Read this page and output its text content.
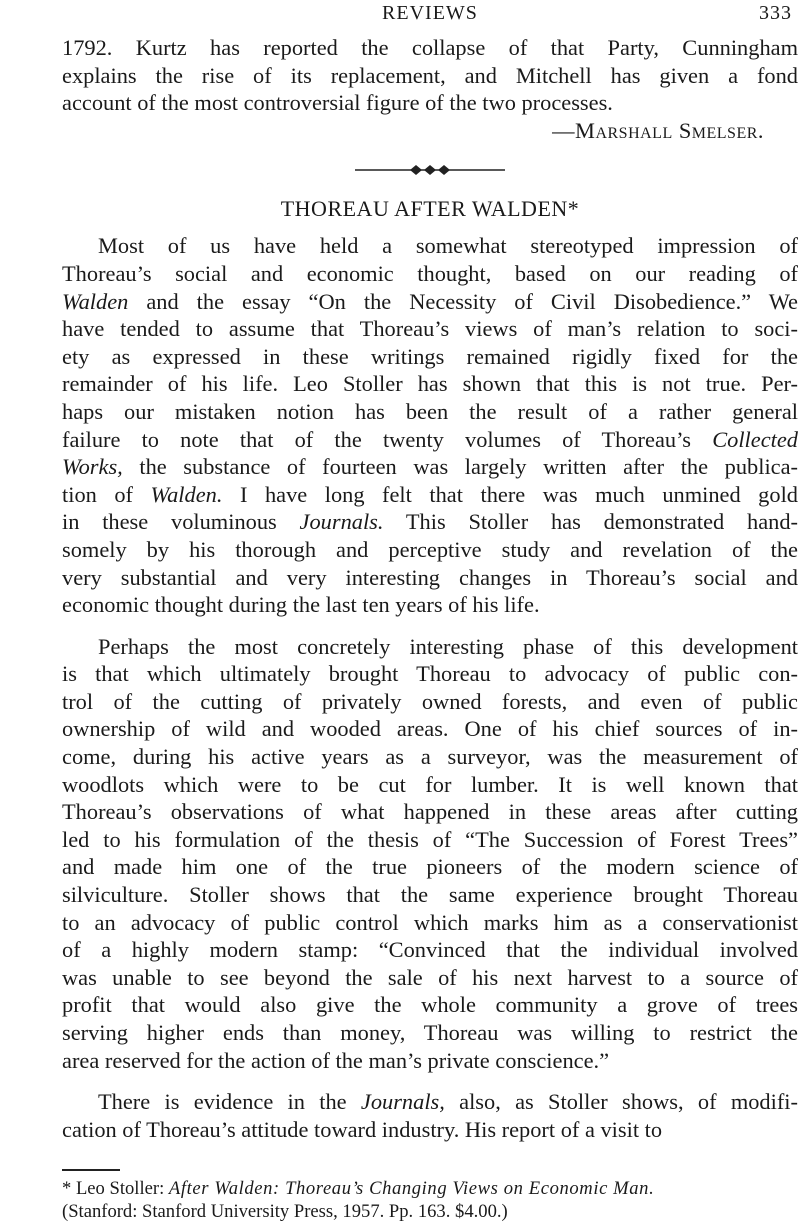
REVIEWS	333
1792. Kurtz has reported the collapse of that Party, Cunningham
explains the rise of its replacement, and Mitchell has given a fond
account of the most controversial figure of the two processes.
—Marshall Smelser.
THOREAU AFTER WALDEN*
Most of us have held a somewhat stereotyped impression of
Thoreau’s social and economic thought, based on our reading of
Walden and the essay “On the Necessity of Civil Disobedience.” We
have tended to assume that Thoreau’s views of man’s relation to soci-
ety as expressed in these writings remained rigidly fixed for the
remainder of his life. Leo Stoller has shown that this is not true. Per-
haps our mistaken notion has been the result of a rather general
failure to note that of the twenty volumes of Thoreau’s Collected
Works, the substance of fourteen was largely written after the publica-
tion of Walden. I have long felt that there was much unmined gold
in these voluminous Journals. This Stoller has demonstrated hand-
somely by his thorough and perceptive study and revelation of the
very substantial and very interesting changes in Thoreau’s social and
economic thought during the last ten years of his life.
Perhaps the most concretely interesting phase of this development
is that which ultimately brought Thoreau to advocacy of public con-
trol of the cutting of privately owned forests, and even of public
ownership of wild and wooded areas. One of his chief sources of in-
come, during his active years as a surveyor, was the measurement of
woodlots which were to be cut for lumber. It is well known that
Thoreau’s observations of what happened in these areas after cutting
led to his formulation of the thesis of “The Succession of Forest Trees”
and made him one of the true pioneers of the modern science of
silviculture. Stoller shows that the same experience brought Thoreau
to an advocacy of public control which marks him as a conservationist
of a highly modern stamp: “Convinced that the individual involved
was unable to see beyond the sale of his next harvest to a source of
profit that would also give the whole community a grove of trees
serving higher ends than money, Thoreau was willing to restrict the
area reserved for the action of the man’s private conscience.”
There is evidence in the Journals, also, as Stoller shows, of modifi-
cation of Thoreau’s attitude toward industry. His report of a visit to
* Leo Stoller: After Walden: Thoreau’s Changing Views on Economic Man.
(Stanford: Stanford University Press, 1957. Pp. 163. $4.00.)
